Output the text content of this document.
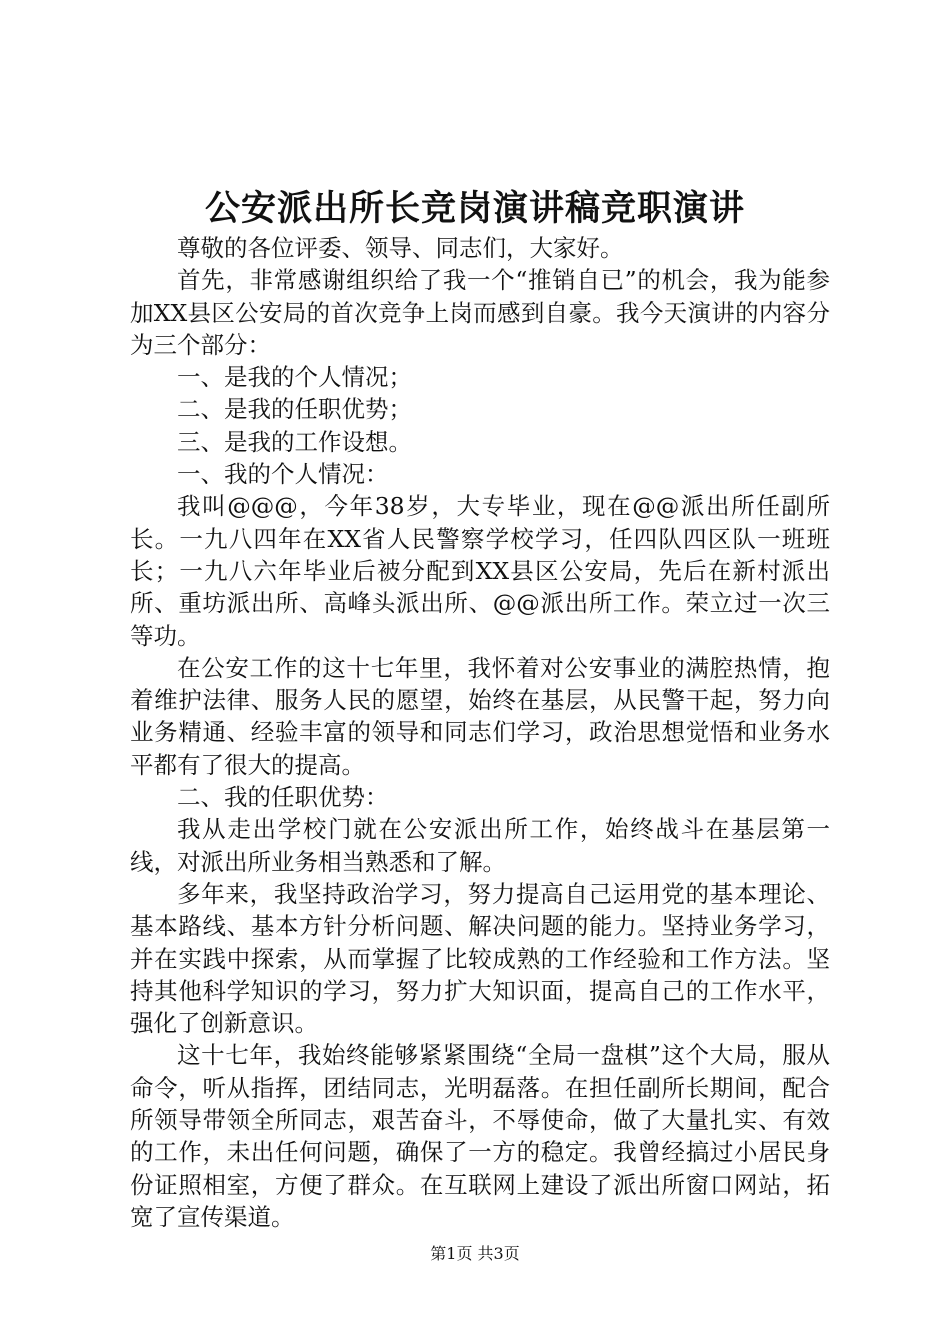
公安派出所长竞岗演讲稿竞职演讲

尊敬的各位评委、领导、同志们，大家好。

首先，非常感谢组织给了我一个“推销自已”的机会，我为能参加XX县区公安局的首次竞争上岗而感到自豪。我今天演讲的内容分为三个部分：

一、是我的个人情况；

二、是我的任职优势；

三、是我的工作设想。

一、我的个人情况：

我叫@@@，今年38岁，大专毕业，现在@@派出所任副所长。一九八四年在XX省人民警察学校学习，任四队四区队一班班长；一九八六年毕业后被分配到XX县区公安局，先后在新村派出所、重坊派出所、高峰头派出所、@@派出所工作。荣立过一次三等功。

在公安工作的这十七年里，我怀着对公安事业的满腔热情，抱着维护法律、服务人民的愿望，始终在基层，从民警干起，努力向业务精通、经验丰富的领导和同志们学习，政治思想觉悟和业务水平都有了很大的提高。

二、我的任职优势：

我从走出学校门就在公安派出所工作，始终战斗在基层第一线，对派出所业务相当熟悉和了解。

多年来，我坚持政治学习，努力提高自己运用党的基本理论、基本路线、基本方针分析问题、解决问题的能力。坚持业务学习，并在实践中探索，从而掌握了比较成熟的工作经验和工作方法。坚持其他科学知识的学习，努力扩大知识面，提高自己的工作水平，强化了创新意识。

这十七年，我始终能够紧紧围绕“全局一盘棋”这个大局，服从命令，听从指挥，团结同志，光明磊落。在担任副所长期间，配合所领导带领全所同志，艰苦奋斗，不辱使命，做了大量扎实、有效的工作，未出任何问题，确保了一方的稳定。我曾经搞过小居民身份证照相室，方便了群众。在互联网上建设了派出所窗口网站，拓宽了宣传渠道。

第1页 共3页
